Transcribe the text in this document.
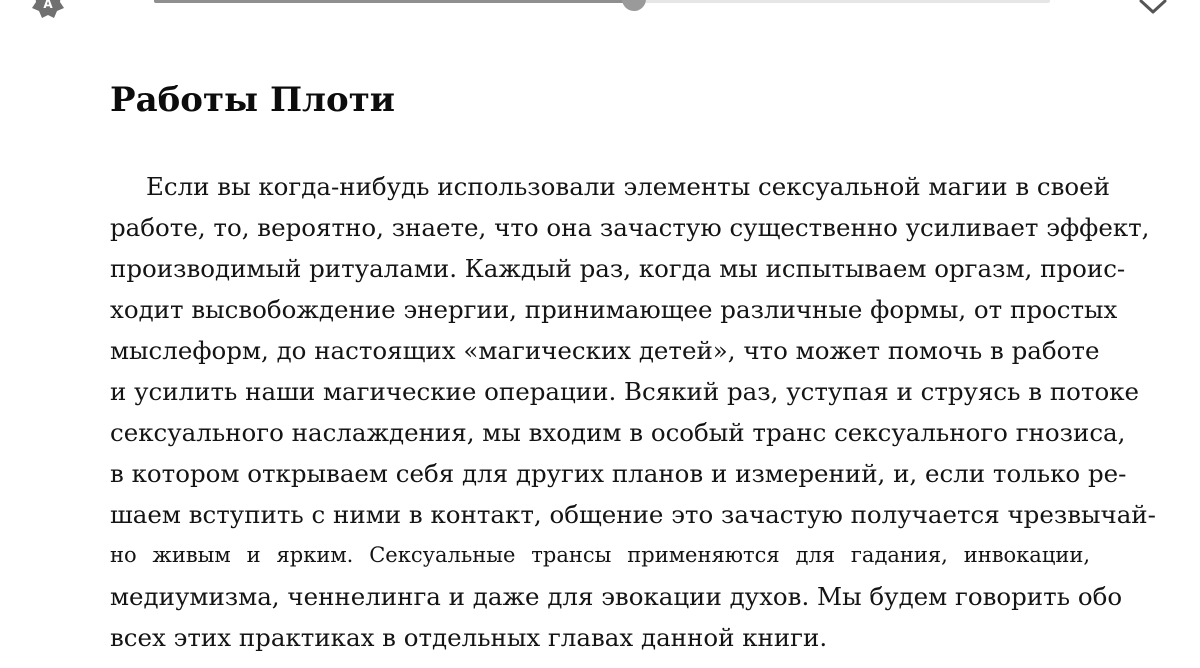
A
Работы Плоти
Если вы когда-нибудь использовали элементы сексуальной магии в своей
работе, то, вероятно, знаете, что она зачастую существенно усиливает эффект,
производимый ритуалами. Каждый раз, когда мы испытываем оргазм, проис-
ходит высвобождение энергии, принимающее различные формы, от простых
мыслеформ, до настоящих «магических детей», что может помочь в работе
и усилить наши магические операции. Всякий раз, уступая и струясь в потоке
сексуального наслаждения, мы входим в особый транс сексуального гнозиса,
в котором открываем себя для других планов и измерений, и, если только ре-
шаем вступить с ними в контакт, общение это зачастую получается чрезвычай-
но живым и ярким. Сексуальные трансы применяются для гадания, инвокации,
медиумизма, ченнелинга и даже для эвокации духов. Мы будем говорить обо
всех этих практиках в отдельных главах данной книги.
